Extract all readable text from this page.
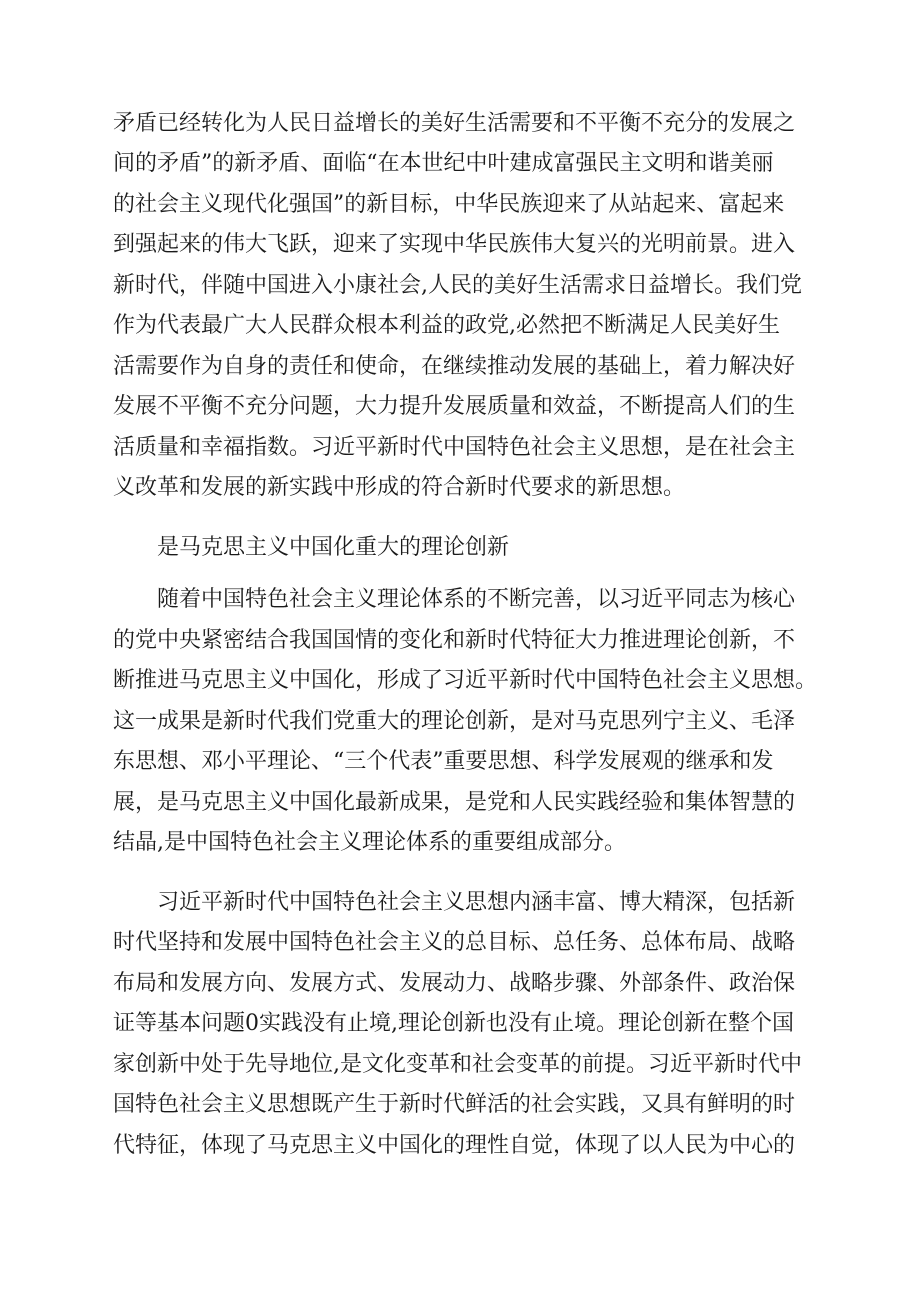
矛盾已经转化为人民日益增长的美好生活需要和不平衡不充分的发展之
间的矛盾”的新矛盾、面临“在本世纪中叶建成富强民主文明和谐美丽
的社会主义现代化强国”的新目标，中华民族迎来了从站起来、富起来
到强起来的伟大飞跃，迎来了实现中华民族伟大复兴的光明前景。进入
新时代，伴随中国进入小康社会,人民的美好生活需求日益增长。我们党
作为代表最广大人民群众根本利益的政党,必然把不断满足人民美好生
活需要作为自身的责任和使命，在继续推动发展的基础上，着力解决好
发展不平衡不充分问题，大力提升发展质量和效益，不断提高人们的生
活质量和幸福指数。习近平新时代中国特色社会主义思想，是在社会主
义改革和发展的新实践中形成的符合新时代要求的新思想。
是马克思主义中国化重大的理论创新
随着中国特色社会主义理论体系的不断完善，以习近平同志为核心
的党中央紧密结合我国国情的变化和新时代特征大力推进理论创新，不
断推进马克思主义中国化，形成了习近平新时代中国特色社会主义思想。
这一成果是新时代我们党重大的理论创新，是对马克思列宁主义、毛泽
东思想、邓小平理论、“三个代表”重要思想、科学发展观的继承和发
展，是马克思主义中国化最新成果，是党和人民实践经验和集体智慧的
结晶,是中国特色社会主义理论体系的重要组成部分。
习近平新时代中国特色社会主义思想内涵丰富、博大精深，包括新
时代坚持和发展中国特色社会主义的总目标、总任务、总体布局、战略
布局和发展方向、发展方式、发展动力、战略步骤、外部条件、政治保
证等基本问题0实践没有止境,理论创新也没有止境。理论创新在整个国
家创新中处于先导地位,是文化变革和社会变革的前提。习近平新时代中
国特色社会主义思想既产生于新时代鲜活的社会实践，又具有鲜明的时
代特征，体现了马克思主义中国化的理性自觉，体现了以人民为中心的
